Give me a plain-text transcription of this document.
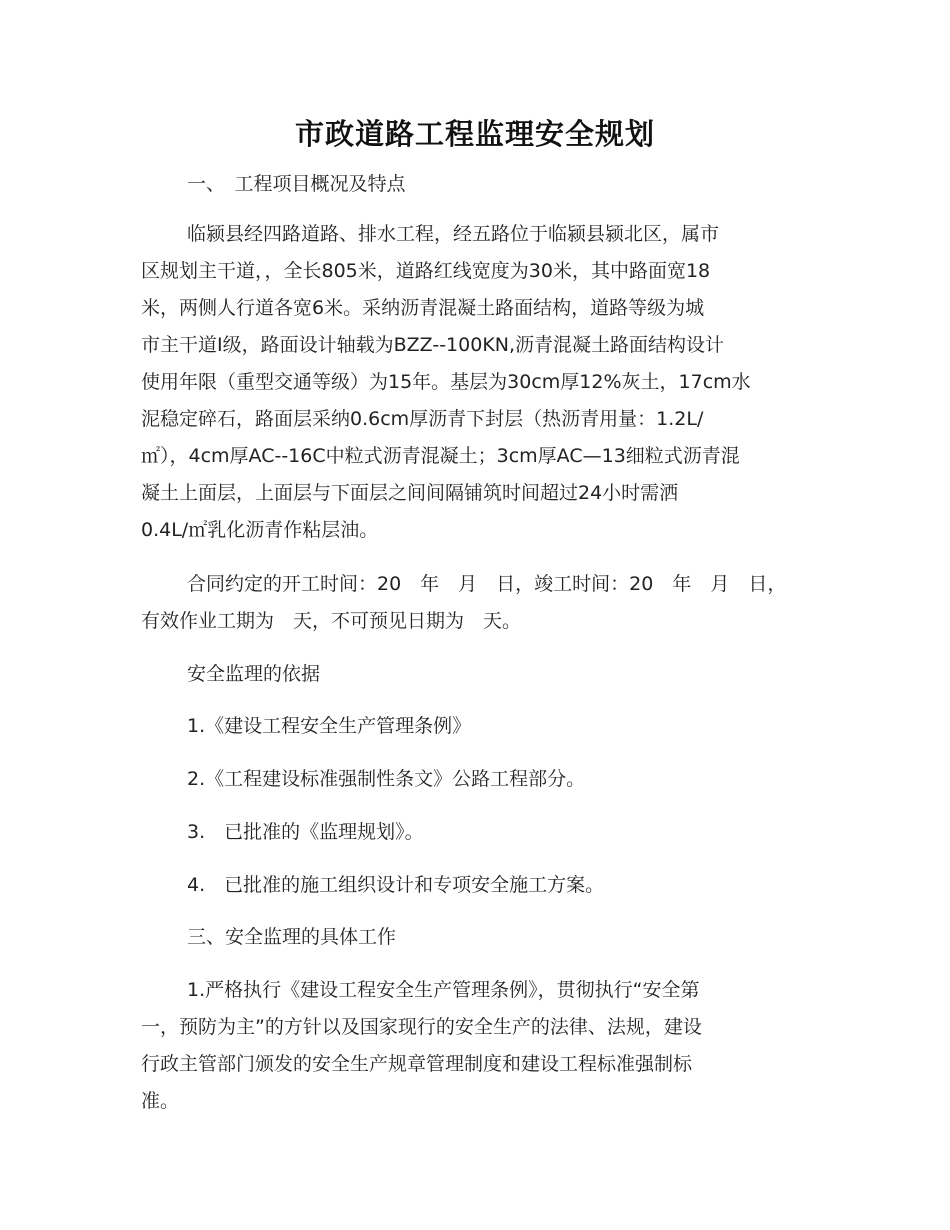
市政道路工程监理安全规划
一、　工程项目概况及特点
临颍县经四路道路、排水工程，经五路位于临颍县颍北区，属市
区规划主干道，，全长805米，道路红线宽度为30米，其中路面宽18
米，两侧人行道各宽6米。采纳沥青混凝土路面结构，道路等级为城
市主干道Ⅰ级，路面设计轴载为BZZ--100KN,沥青混凝土路面结构设计
使用年限（重型交通等级）为15年。基层为30cm厚12%灰土，17cm水
泥稳定碎石，路面层采纳0.6cm厚沥青下封层（热沥青用量：1.2L/
㎡），4cm厚AC--16C中粒式沥青混凝土；3cm厚AC—13细粒式沥青混
凝土上面层，上面层与下面层之间间隔铺筑时间超过24小时需洒
0.4L/㎡乳化沥青作粘层油。
合同约定的开工时间：20　年　月　日，竣工时间：20　年　月　日，
有效作业工期为　天，不可预见日期为　天。
安全监理的依据
1.《建设工程安全生产管理条例》
2.《工程建设标准强制性条文》公路工程部分。
3.　已批准的《监理规划》。
4.　已批准的施工组织设计和专项安全施工方案。
三、安全监理的具体工作
1.严格执行《建设工程安全生产管理条例》，贯彻执行“安全第
一，预防为主”的方针以及国家现行的安全生产的法律、法规，建设
行政主管部门颁发的安全生产规章管理制度和建设工程标准强制标
准。
